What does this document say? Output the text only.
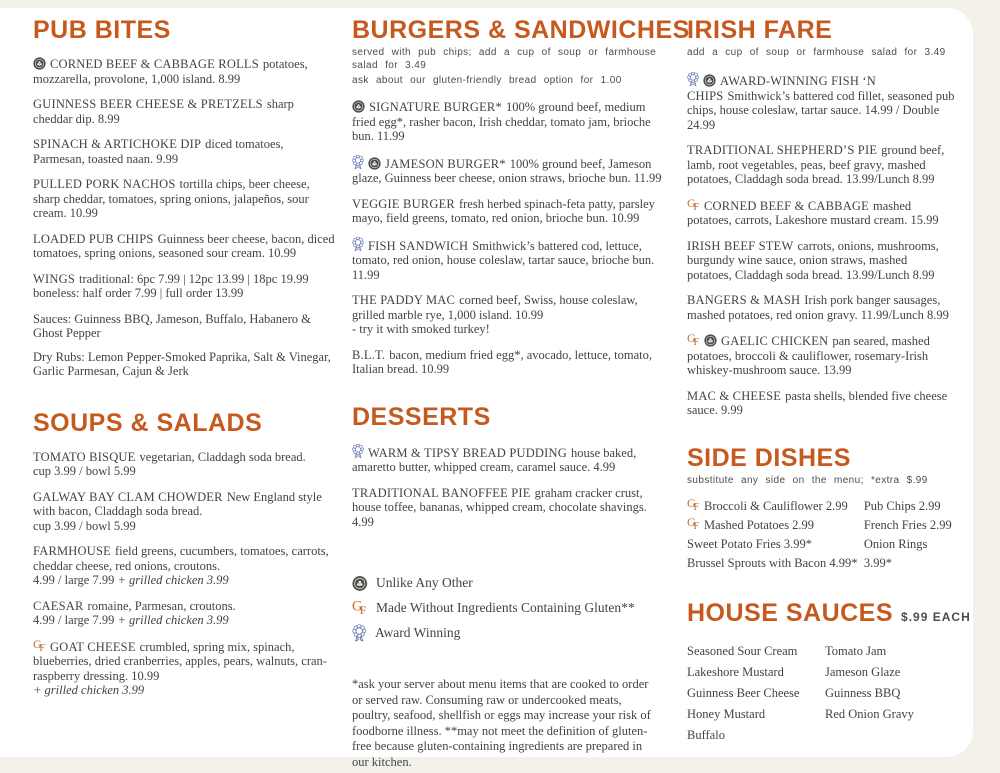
PUB BITES

CORNED BEEF & CABBAGE ROLLS potatoes, mozzarella, provolone, 1,000 island. 8.99

GUINNESS BEER CHEESE & PRETZELS sharp cheddar dip. 8.99

SPINACH & ARTICHOKE DIP diced tomatoes, Parmesan, toasted naan. 9.99

PULLED PORK NACHOS tortilla chips, beer cheese, sharp cheddar, tomatoes, spring onions, jalapeños, sour cream. 10.99

LOADED PUB CHIPS Guinness beer cheese, bacon, diced tomatoes, spring onions, seasoned sour cream. 10.99

WINGS traditional: 6pc 7.99 | 12pc 13.99 | 18pc 19.99

boneless: half order 7.99 | full order 13.99

Sauces: Guinness BBQ, Jameson, Buffalo, Habanero & Ghost Pepper

Dry Rubs: Lemon Pepper-Smoked Paprika, Salt & Vinegar, Garlic Parmesan, Cajun & Jerk

SOUPS & SALADS

TOMATO BISQUE vegetarian, Claddagh soda bread.

cup 3.99 / bowl 5.99

GALWAY BAY CLAM CHOWDER New England style with bacon, Claddagh soda bread.

cup 3.99 / bowl 5.99

FARMHOUSE field greens, cucumbers, tomatoes, carrots, cheddar cheese, red onions, croutons.

4.99 / large 7.99 + grilled chicken 3.99

CAESAR romaine, Parmesan, croutons.

4.99 / large 7.99 + grilled chicken 3.99

G
F GOAT CHEESE crumbled, spring mix, spinach, blueberries, dried cranberries, apples, pears, walnuts, cran-raspberry dressing. 10.99

+ grilled chicken 3.99

BURGERS & SANDWICHES

served with pub chips; add a cup of soup or farmhouse salad for 3.49

ask about our gluten-friendly bread option for 1.00

SIGNATURE BURGER* 100% ground beef, medium fried egg*, rasher bacon, Irish cheddar, tomato jam, brioche bun. 11.99

JAMESON BURGER* 100% ground beef, Jameson glaze, Guinness beer cheese, onion straws, brioche bun. 11.99

VEGGIE BURGER fresh herbed spinach-feta patty, parsley mayo, field greens, tomato, red onion, brioche bun. 10.99

FISH SANDWICH Smithwick’s battered cod, lettuce, tomato, red onion, house coleslaw, tartar sauce, brioche bun. 11.99

THE PADDY MAC corned beef, Swiss, house coleslaw, grilled marble rye, 1,000 island. 10.99

- try it with smoked turkey!

B.L.T. bacon, medium fried egg*, avocado, lettuce, tomato, Italian bread. 10.99

DESSERTS

WARM & TIPSY BREAD PUDDING house baked, amaretto butter, whipped cream, caramel sauce. 4.99

TRADITIONAL BANOFFEE PIE graham cracker crust, house toffee, bananas, whipped cream, chocolate shavings. 4.99

Unlike Any Other
G
F Made Without Ingredients Containing Gluten**
Award Winning

*ask your server about menu items that are cooked to order or served raw. Consuming raw or undercooked meats, poultry, seafood, shellfish or eggs may increase your risk of foodborne illness. **may not meet the definition of gluten-free because gluten-containing ingredients are prepared in our kitchen.

IRISH FARE

add a cup of soup or farmhouse salad for 3.49

AWARD-WINNING FISH ‘N CHIPS Smithwick’s battered cod fillet, seasoned pub chips, house coleslaw, tartar sauce. 14.99 / Double 24.99

TRADITIONAL SHEPHERD’S PIE ground beef, lamb, root vegetables, peas, beef gravy, mashed potatoes, Claddagh soda bread. 13.99/Lunch 8.99

G
F CORNED BEEF & CABBAGE mashed potatoes, carrots, Lakeshore mustard cream. 15.99

IRISH BEEF STEW carrots, onions, mushrooms, burgundy wine sauce, onion straws, mashed potatoes, Claddagh soda bread. 13.99/Lunch 8.99

BANGERS & MASH Irish pork banger sausages, mashed potatoes, red onion gravy. 11.99/Lunch 8.99

G
F GAELIC CHICKEN pan seared, mashed potatoes, broccoli & cauliflower, rosemary-Irish whiskey-mushroom sauce. 13.99

MAC & CHEESE pasta shells, blended five cheese sauce. 9.99

SIDE DISHES

substitute any side on the menu; *extra $.99

G
F Broccoli & Cauliflower 2.99

G
F Mashed Potatoes 2.99

Sweet Potato Fries 3.99*

Brussel Sprouts with Bacon 4.99*

Pub Chips 2.99

French Fries 2.99

Onion Rings 3.99*

HOUSE SAUCES $.99 EACH

Seasoned Sour Cream

Lakeshore Mustard

Guinness Beer Cheese

Honey Mustard

Buffalo

Tomato Jam

Jameson Glaze

Guinness BBQ

Red Onion Gravy
